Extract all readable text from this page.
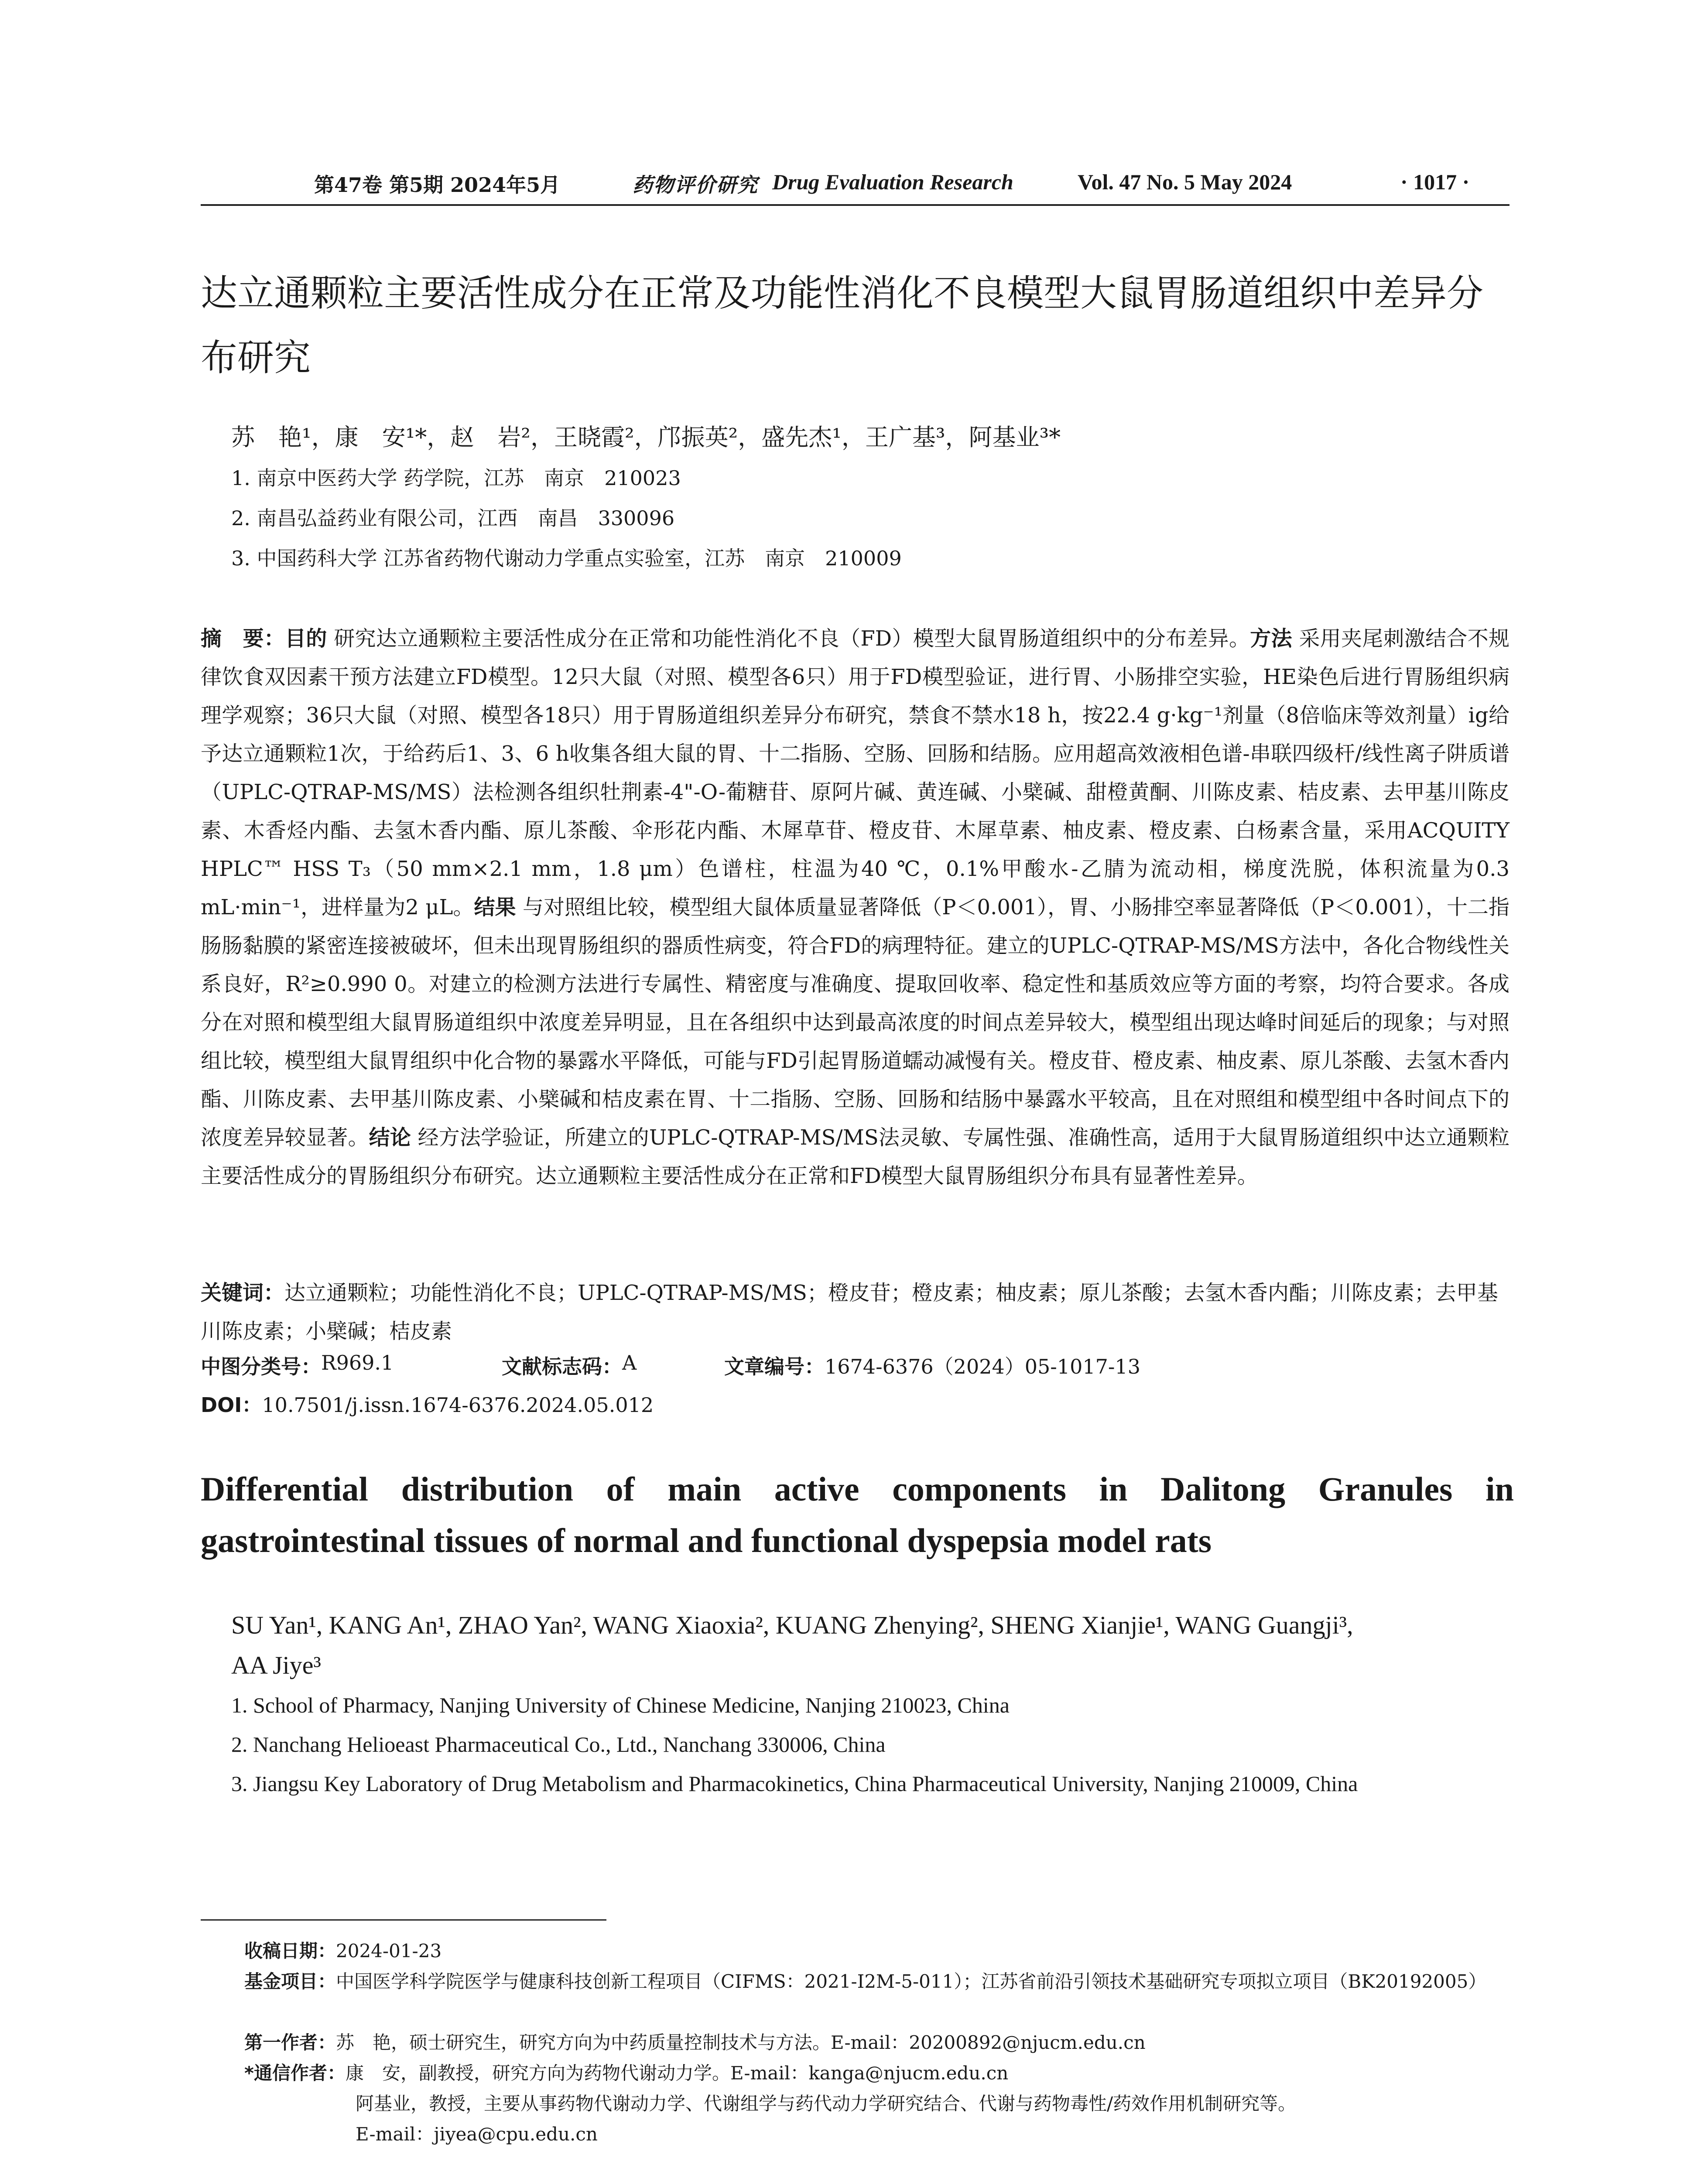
第47卷 第5期 2024年5月	药物评价研究 Drug Evaluation Research	Vol. 47 No. 5 May 2024	· 1017 ·
达立通颗粒主要活性成分在正常及功能性消化不良模型大鼠胃肠道组织中差异分布研究
苏　艳¹，康　安¹*，赵　岩²，王晓霞²，邝振英²，盛先杰¹，王广基³，阿基业³*
1. 南京中医药大学 药学院，江苏　南京　210023
2. 南昌弘益药业有限公司，江西　南昌　330096
3. 中国药科大学 江苏省药物代谢动力学重点实验室，江苏　南京　210009
摘　要：目的 研究达立通颗粒主要活性成分在正常和功能性消化不良（FD）模型大鼠胃肠道组织中的分布差异。方法 采用夹尾刺激结合不规律饮食双因素干预方法建立FD模型。12只大鼠（对照、模型各6只）用于FD模型验证，进行胃、小肠排空实验，HE染色后进行胃肠组织病理学观察；36只大鼠（对照、模型各18只）用于胃肠道组织差异分布研究，禁食不禁水18 h，按22.4 g·kg⁻¹剂量（8倍临床等效剂量）ig给予达立通颗粒1次，于给药后1、3、6 h收集各组大鼠的胃、十二指肠、空肠、回肠和结肠。应用超高效液相色谱-串联四级杆/线性离子阱质谱（UPLC-QTRAP-MS/MS）法检测各组织牡荆素-4"-O-葡糖苷、原阿片碱、黄连碱、小檗碱、甜橙黄酮、川陈皮素、桔皮素、去甲基川陈皮素、木香烃内酯、去氢木香内酯、原儿茶酸、伞形花内酯、木犀草苷、橙皮苷、木犀草素、柚皮素、橙皮素、白杨素含量，采用ACQUITY HPLC™ HSS T₃（50 mm×2.1 mm，1.8 μm）色谱柱，柱温为40 ℃，0.1%甲酸水-乙腈为流动相，梯度洗脱，体积流量为0.3 mL·min⁻¹，进样量为2 μL。结果 与对照组比较，模型组大鼠体质量显著降低（P＜0.001），胃、小肠排空率显著降低（P＜0.001），十二指肠肠黏膜的紧密连接被破坏，但未出现胃肠组织的器质性病变，符合FD的病理特征。建立的UPLC-QTRAP-MS/MS方法中，各化合物线性关系良好，R²≥0.990 0。对建立的检测方法进行专属性、精密度与准确度、提取回收率、稳定性和基质效应等方面的考察，均符合要求。各成分在对照和模型组大鼠胃肠道组织中浓度差异明显，且在各组织中达到最高浓度的时间点差异较大，模型组出现达峰时间延后的现象；与对照组比较，模型组大鼠胃组织中化合物的暴露水平降低，可能与FD引起胃肠道蠕动减慢有关。橙皮苷、橙皮素、柚皮素、原儿茶酸、去氢木香内酯、川陈皮素、去甲基川陈皮素、小檗碱和桔皮素在胃、十二指肠、空肠、回肠和结肠中暴露水平较高，且在对照组和模型组中各时间点下的浓度差异较显著。结论 经方法学验证，所建立的UPLC-QTRAP-MS/MS法灵敏、专属性强、准确性高，适用于大鼠胃肠道组织中达立通颗粒主要活性成分的胃肠组织分布研究。达立通颗粒主要活性成分在正常和FD模型大鼠胃肠组织分布具有显著性差异。
关键词：达立通颗粒；功能性消化不良；UPLC-QTRAP-MS/MS；橙皮苷；橙皮素；柚皮素；原儿茶酸；去氢木香内酯；川陈皮素；去甲基川陈皮素；小檗碱；桔皮素
中图分类号： R969.1	文献标志码： A	文章编号： 1674-6376（2024）05-1017-13
DOI：10.7501/j.issn.1674-6376.2024.05.012
Differential distribution of main active components in Dalitong Granules in gastrointestinal tissues of normal and functional dyspepsia model rats
SU Yan¹, KANG An¹, ZHAO Yan², WANG Xiaoxia², KUANG Zhenying², SHENG Xianjie¹, WANG Guangji³,
AA Jiye³
1. School of Pharmacy, Nanjing University of Chinese Medicine, Nanjing 210023, China
2. Nanchang Helioeast Pharmaceutical Co., Ltd., Nanchang 330006, China
3. Jiangsu Key Laboratory of Drug Metabolism and Pharmacokinetics, China Pharmaceutical University, Nanjing 210009, China
收稿日期：2024-01-23
基金项目：中国医学科学院医学与健康科技创新工程项目（CIFMS：2021-I2M-5-011）；江苏省前沿引领技术基础研究专项拟立项目（BK20192005）
第一作者：苏　艳，硕士研究生，研究方向为中药质量控制技术与方法。E-mail：20200892@njucm.edu.cn
*通信作者：康　安，副教授，研究方向为药物代谢动力学。E-mail：kanga@njucm.edu.cn
阿基业，教授，主要从事药物代谢动力学、代谢组学与药代动力学研究结合、代谢与药物毒性/药效作用机制研究等。
E-mail：jiyea@cpu.edu.cn
